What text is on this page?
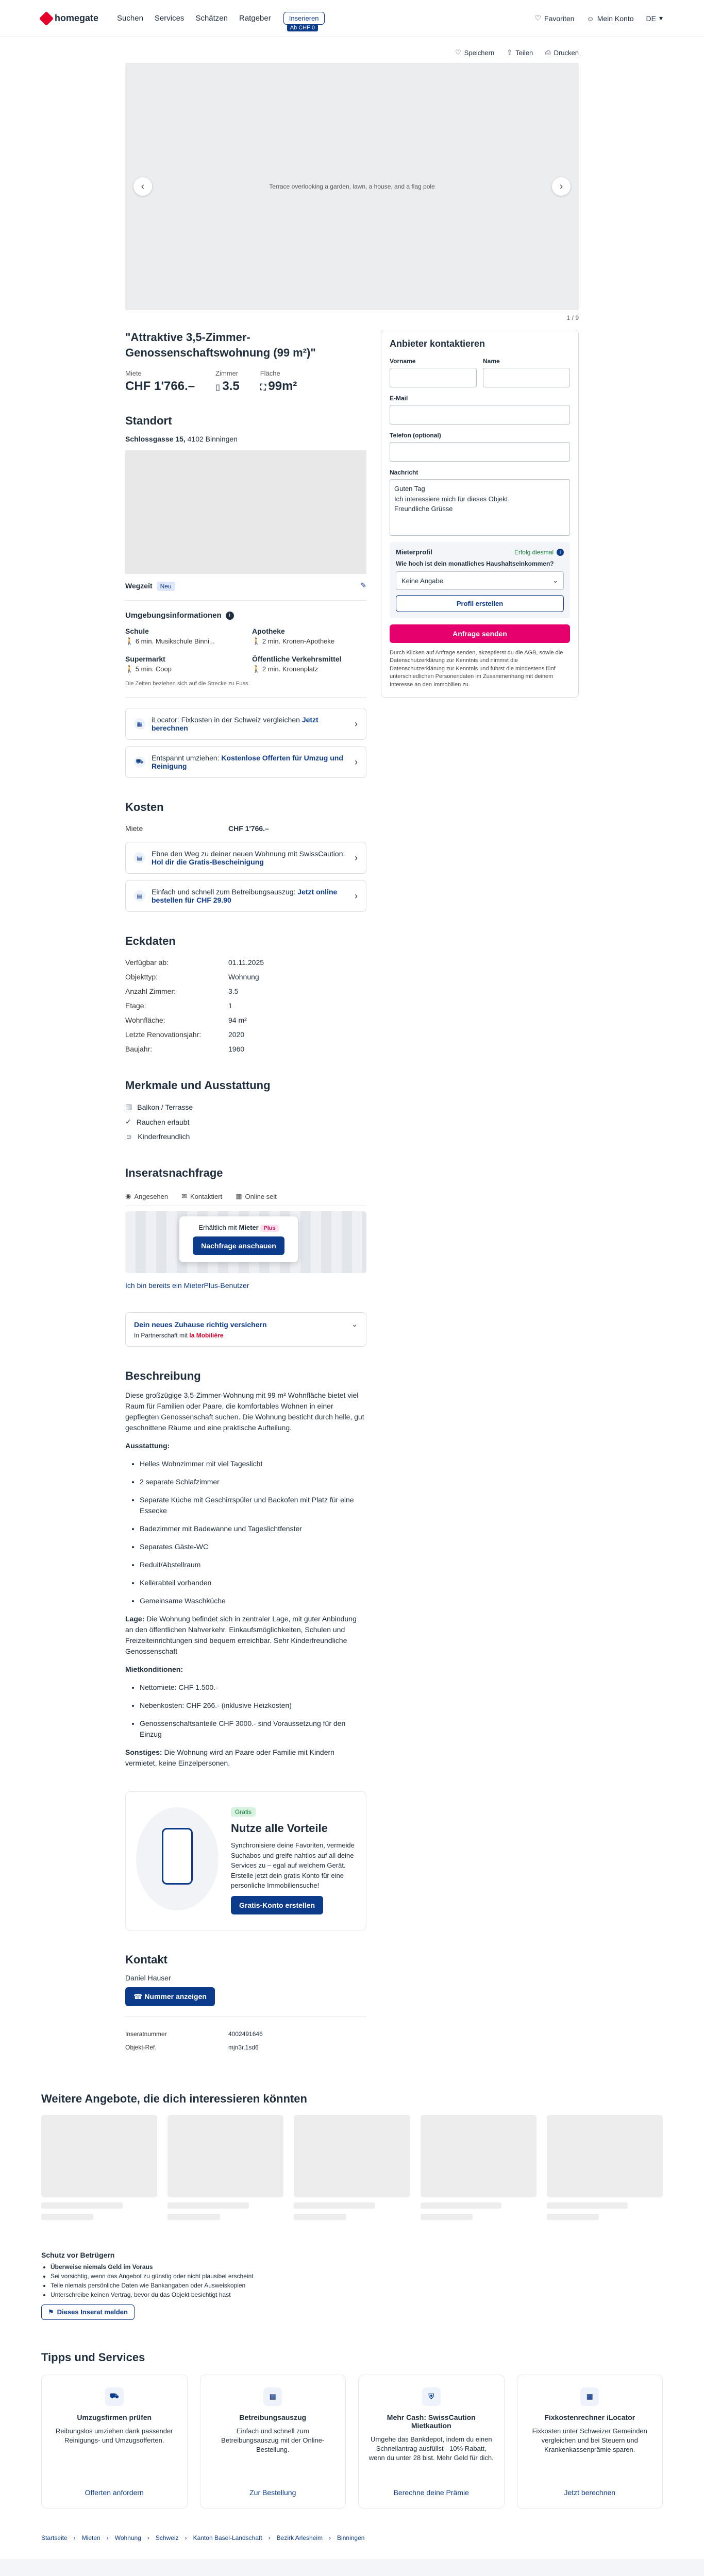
homegate Suchen Services Schätzen Ratgeber	Inserieren
Ab CHF 0
♡ Favoriten ☺ Mein Konto DE ▾
♡ Speichern ⇪ Teilen ⎙ Drucken
‹	Terrace overlooking a garden, lawn, a house, and a flag pole	›
1 / 9
"Attraktive 3,5-Zimmer-Genossenschaftswohnung (99 m²)"
Miete
CHF 1'766.–
Zimmer
▯ 3.5
Fläche
⛶ 99m²
Standort
Schlossgasse 15, 4102 Binningen
Wegzeit Neu	✎
Umgebungsinformationen	i
Schule
🚶 6 min. Musikschule Binni...
Apotheke
🚶 2 min. Kronen-Apotheke
Supermarkt
🚶 5 min. Coop
Öffentliche Verkehrsmittel
🚶 2 min. Kronenplatz
Die Zeiten beziehen sich auf die Strecke zu Fuss.
▦	iLocator: Fixkosten in der Schweiz vergleichen Jetzt berechnen	›
⛟ Entspannt umziehen: Kostenlose Offerten für Umzug und Reinigung	›
Kosten
Miete	CHF 1'766.–
▤	Ebne den Weg zu deiner neuen Wohnung mit SwissCaution: Hol dir die Gratis-Bescheinigung	›
▤	Einfach und schnell zum Betreibungsauszug: Jetzt online bestellen für CHF 29.90	›
Eckdaten
Verfügbar ab:	01.11.2025
Objekttyp:	Wohnung
Anzahl Zimmer:	3.5
Etage:	1
Wohnfläche:	94 m²
Letzte Renovationsjahr:	2020
Baujahr:	1960
Merkmale und Ausstattung
▥ Balkon / Terrasse
✓ Rauchen erlaubt
☺ Kinderfreundlich
Inseratsnachfrage
◉ Angesehen ✉ Kontaktiert ▦ Online seit
Erhältlich mit Mieter Plus
Nachfrage anschauen
Ich bin bereits ein MieterPlus-Benutzer
Dein neues Zuhause richtig versichern	⌄
In Partnerschaft mit la Mobilière
Beschreibung

Diese großzügige 3,5-Zimmer-Wohnung mit 99 m² Wohnfläche bietet viel Raum für Familien oder Paare, die komfortables Wohnen in einer gepflegten Genossenschaft suchen. Die Wohnung besticht durch helle, gut geschnittene Räume und eine praktische Aufteilung.

Ausstattung:

• Helles Wohnzimmer mit viel Tageslicht
• 2 separate Schlafzimmer
• Separate Küche mit Geschirrspüler und Backofen mit Platz für eine Essecke
• Badezimmer mit Badewanne und Tageslichtfenster
• Separates Gäste-WC
• Reduit/Abstellraum
• Kellerabteil vorhanden
• Gemeinsame Waschküche

Lage: Die Wohnung befindet sich in zentraler Lage, mit guter Anbindung an den öffentlichen Nahverkehr. Einkaufsmöglichkeiten, Schulen und Freizeiteinrichtungen sind bequem erreichbar. Sehr Kinderfreundliche Genossenschaft

Mietkonditionen:

• Nettomiete: CHF 1.500.-
• Nebenkosten: CHF 266.- (inklusive Heizkosten)
• Genossenschaftsanteile CHF 3000.- sind Voraussetzung für den Einzug

Sonstiges: Die Wohnung wird an Paare oder Familie mit Kindern vermietet, keine Einzelpersonen.

Gratis
Nutze alle Vorteile
Synchronisiere deine Favoriten, vermeide Suchabos und greife nahtlos auf all deine Services zu – egal auf welchem Gerät. Erstelle jetzt dein gratis Konto für eine personliche Immobiliensuche!
Gratis-Konto erstellen
Kontakt
Daniel Hauser
☎ Nummer anzeigen
Inseratnummer	4002491646
Objekt-Ref.	mjn3r.1sd6
Anbieter kontaktieren
Vorname	Name
E-Mail
Telefon (optional)
Nachricht
Guten Tag
Ich interessiere mich für dieses Objekt.
Freundliche Grüsse
Mieterprofil	Erfolg diesmal	i
Wie hoch ist dein monatliches Haushaltseinkommen?
Keine Angabe	⌄
Profil erstellen
Anfrage senden
Durch Klicken auf Anfrage senden, akzeptierst du die AGB, sowie die Datenschutzerklärung zur Kenntnis und nimmst die Datenschutzerklärung zur Kenntnis und führst die mindestens fünf unterschiedlichen Personendaten im Zusammenhang mit deinem Interesse an den Immobilien zu.
Weitere Angebote, die dich interessieren könnten
Schutz vor Betrügern
• Überweise niemals Geld im Voraus
• Sei vorsichtig, wenn das Angebot zu günstig oder nicht plausibel erscheint
• Teile niemals persönliche Daten wie Bankangaben oder Ausweiskopien
• Unterschreibe keinen Vertrag, bevor du das Objekt besichtigt hast
⚑ Dieses Inserat melden
Tipps und Services
⛟
Umzugsfirmen prüfen
Reibungslos umziehen dank passender Reinigungs- und Umzugsofferten.
Offerten anfordern
▤
Betreibungsauszug
Einfach und schnell zum Betreibungsauszug mit der Online-Bestellung.
Zur Bestellung
⛨
Mehr Cash: SwissCaution Mietkaution
Umgehe das Bankdepot, indem du einen Schnellantrag ausfüllst - 10% Rabatt, wenn du unter 28 bist. Mehr Geld für dich.
Berechne deine Prämie
▦
Fixkostenrechner iLocator
Fixkosten unter Schweizer Gemeinden vergleichen und bei Steuern und Krankenkassenprämie sparen.
Jetzt berechnen
Startseite › Mieten › Wohnung › Schweiz › Kanton Basel-Landschaft › Bezirk Arlesheim › Binningen
